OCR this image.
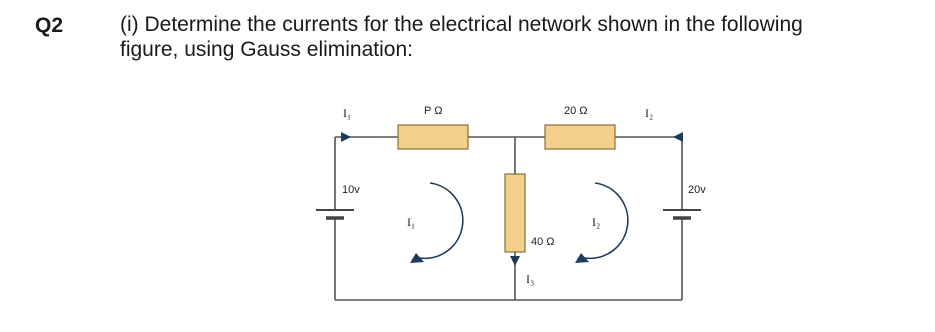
Q2	(i) Determine the currents for the electrical network shown in the following
figure, using Gauss elimination:
I₁	P Ω	20 Ω	I₂
10v	20v
I₁	I₂
40 Ω
I₃
